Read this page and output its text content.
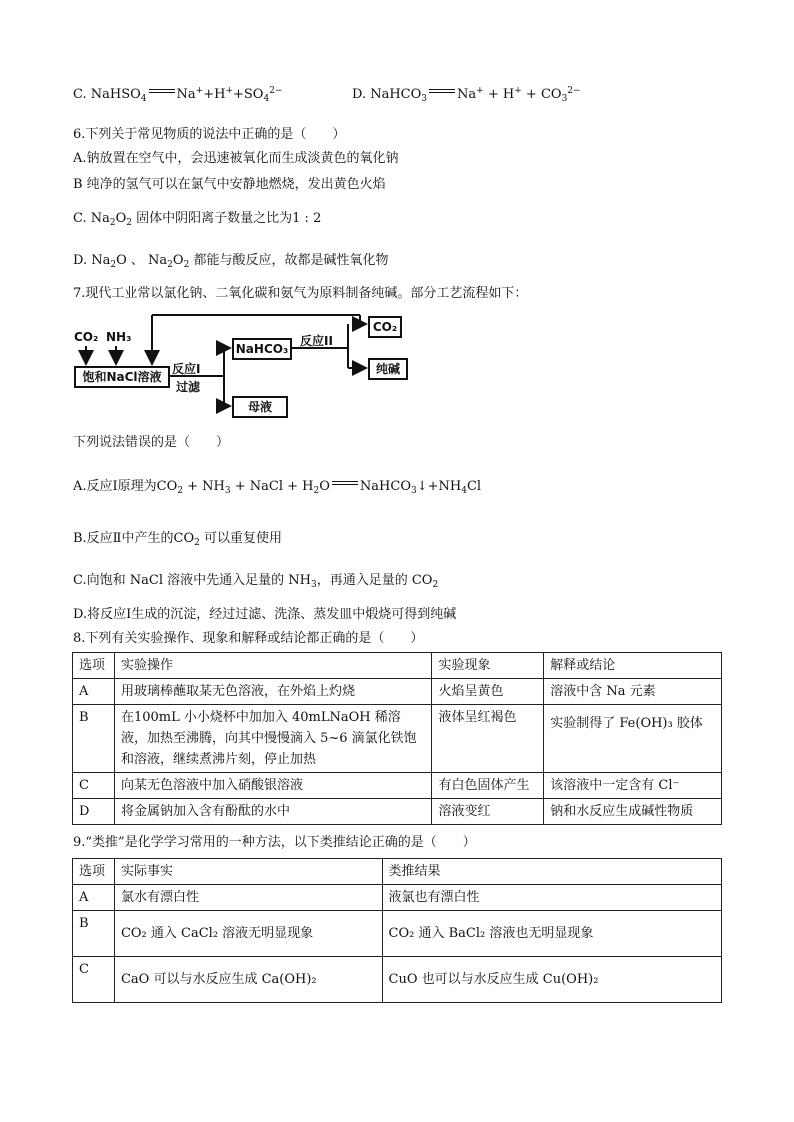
C. NaHSO$_4$ $Na^++H^++SO_4^{2-}$	D. NaHCO$_3$ $Na^+ + H^+ + CO_3^{2-}$
6.下列关于常见物质的说法中正确的是（　　）
A.钠放置在空气中，会迅速被氧化而生成淡黄色的氧化钠
B 纯净的氢气可以在氯气中安静地燃烧，发出黄色火焰
C. $Na_2O_2$ 固体中阴阳离子数量之比为1 : 2
D. $Na_2O$ 、 $Na_2O_2$ 都能与酸反应，故都是碱性氧化物
7.现代工业常以氯化钠、二氧化碳和氨气为原料制备纯碱。部分工艺流程如下：
CO₂ NH₃
饱和NaCl溶液
反应I
过滤
NaHCO₃
反应II
CO₂
纯碱
母液
下列说法错误的是（　　）
A.反应Ⅰ原理为$CO_2 + NH_3$ + NaCl + $H_2O$ $NaHCO_3↓+NH_4Cl$
B.反应Ⅱ中产生的$CO_2$ 可以重复使用
C.向饱和 NaCl 溶液中先通入足量的 $NH_3$，再通入足量的 $CO_2$
D.将反应Ⅰ生成的沉淀，经过过滤、洗涤、蒸发皿中煅烧可得到纯碱
8.下列有关实验操作、现象和解释或结论都正确的是（　　）
选项	实验操作	实验现象	解释或结论
A	用玻璃棒蘸取某无色溶液，在外焰上灼烧	火焰呈黄色	溶液中含 Na 元素
B	在100mL 小小烧杯中加加入 40mLNaOH 稀溶液，加热至沸腾，向其中慢慢滴入 5~6 滴氯化铁饱和溶液，继续煮沸片刻，停止加热	液体呈红褐色	实验制得了 Fe(OH)₃ 胶体
C	向某无色溶液中加入硝酸银溶液	有白色固体产生	该溶液中一定含有 Cl⁻
D	将金属钠加入含有酚酞的水中	溶液变红	钠和水反应生成碱性物质
9.“类推”是化学学习常用的一种方法，以下类推结论正确的是（　　）
选项	实际事实	类推结果
A	氯水有漂白性	液氯也有漂白性
B	CO₂ 通入 CaCl₂ 溶液无明显现象	CO₂ 通入 BaCl₂ 溶液也无明显现象
C	CaO 可以与水反应生成 Ca(OH)₂	CuO 也可以与水反应生成 Cu(OH)₂
